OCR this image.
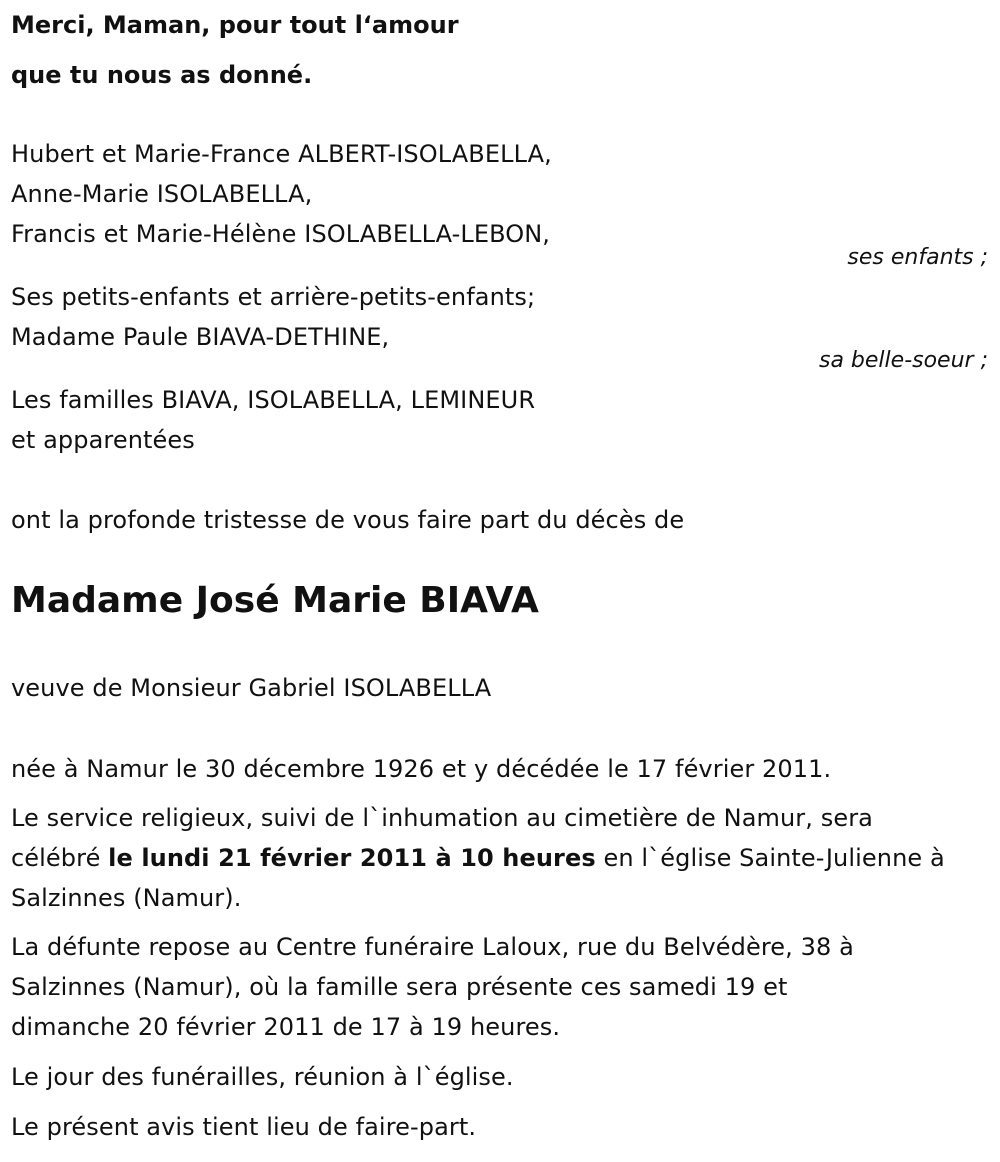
Merci, Maman, pour tout l‘amour
que tu nous as donné.
Hubert et Marie-France ALBERT-ISOLABELLA,
Anne-Marie ISOLABELLA,
Francis et Marie-Hélène ISOLABELLA-LEBON,
ses enfants ;
Ses petits-enfants et arrière-petits-enfants;
Madame Paule BIAVA-DETHINE,
sa belle-soeur ;
Les familles BIAVA, ISOLABELLA, LEMINEUR
et apparentées
ont la profonde tristesse de vous faire part du décès de
Madame José Marie BIAVA
veuve de Monsieur Gabriel ISOLABELLA
née à Namur le 30 décembre 1926 et y décédée le 17 février 2011.
Le service religieux, suivi de l`inhumation au cimetière de Namur, sera
célébré le lundi 21 février 2011 à 10 heures en l`église Sainte-Julienne à
Salzinnes (Namur).
La défunte repose au Centre funéraire Laloux, rue du Belvédère, 38 à
Salzinnes (Namur), où la famille sera présente ces samedi 19 et
dimanche 20 février 2011 de 17 à 19 heures.
Le jour des funérailles, réunion à l`église.
Le présent avis tient lieu de faire-part.
